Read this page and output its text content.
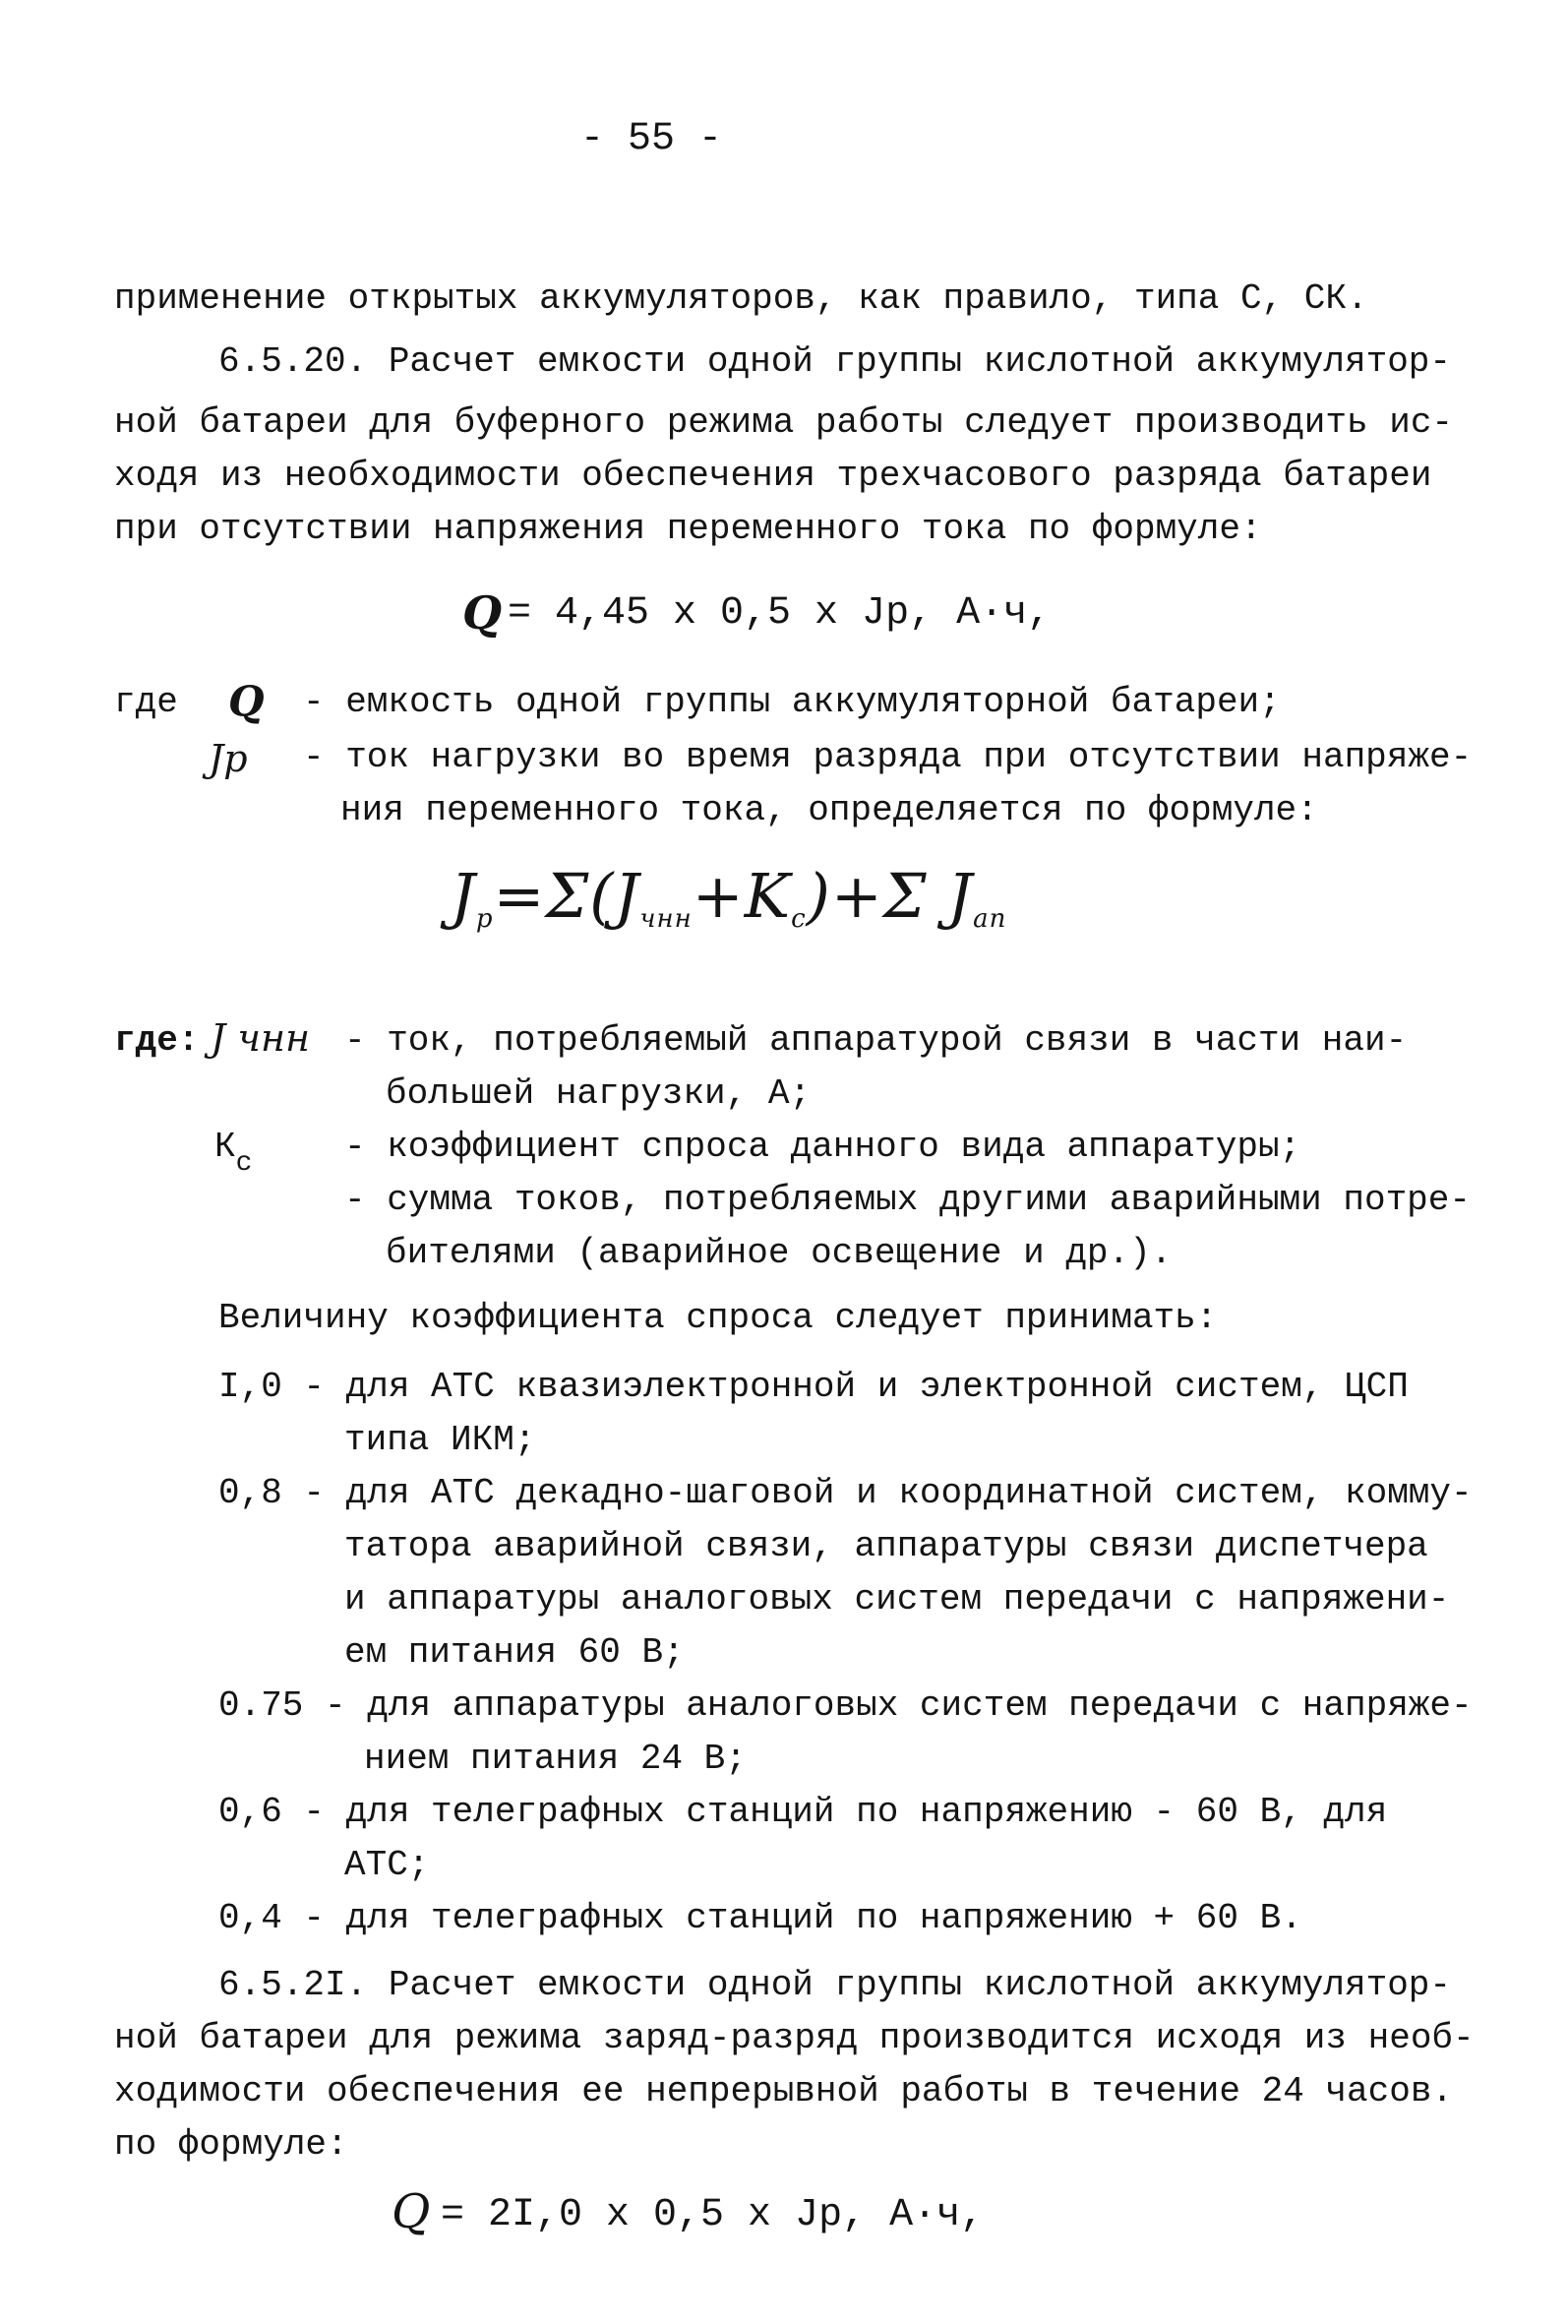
- 55 -
применение открытых аккумуляторов, как правило, типа С, СК.
6.5.20. Расчет емкости одной группы кислотной аккумулятор-
ной батареи для буферного режима работы следует производить ис-
ходя из необходимости обеспечения трехчасового разряда батареи
при отсутствии напряжения переменного тока по формуле:
Q = 4,45 x 0,5 x Jр, А·ч,
где Q - емкость одной группы аккумуляторной батареи;
Jр - ток нагрузки во время разряда при отсутствии напряже-
ния переменного тока, определяется по формуле:
$J_р=\Sigma(J_{чнн}+K_с)+\Sigma$ $J_{ап}$
где: J чнн - ток, потребляемый аппаратурой связи в части наи-
большей нагрузки, А;
$К_с$	- коэффициент спроса данного вида аппаратуры;
- сумма токов, потребляемых другими аварийными потре-
бителями (аварийное освещение и др.).
Величину коэффициента спроса следует принимать:
I,0 - для АТС квазиэлектронной и электронной систем, ЦСП
типа ИКМ;
0,8 - для АТС декадно-шаговой и координатной систем, комму-
татора аварийной связи, аппаратуры связи диспетчера
и аппаратуры аналоговых систем передачи с напряжени-
ем питания 60 В;
0.75 - для аппаратуры аналоговых систем передачи с напряже-
нием питания 24 В;
0,6 - для телеграфных станций по напряжению - 60 В, для
АТС;
0,4 - для телеграфных станций по напряжению + 60 В.
6.5.2I. Расчет емкости одной группы кислотной аккумулятор-
ной батареи для режима заряд-разряд производится исходя из необ-
ходимости обеспечения ее непрерывной работы в течение 24 часов.
по формуле:
Q = 2I,0 x 0,5 x Jр, А·ч,
